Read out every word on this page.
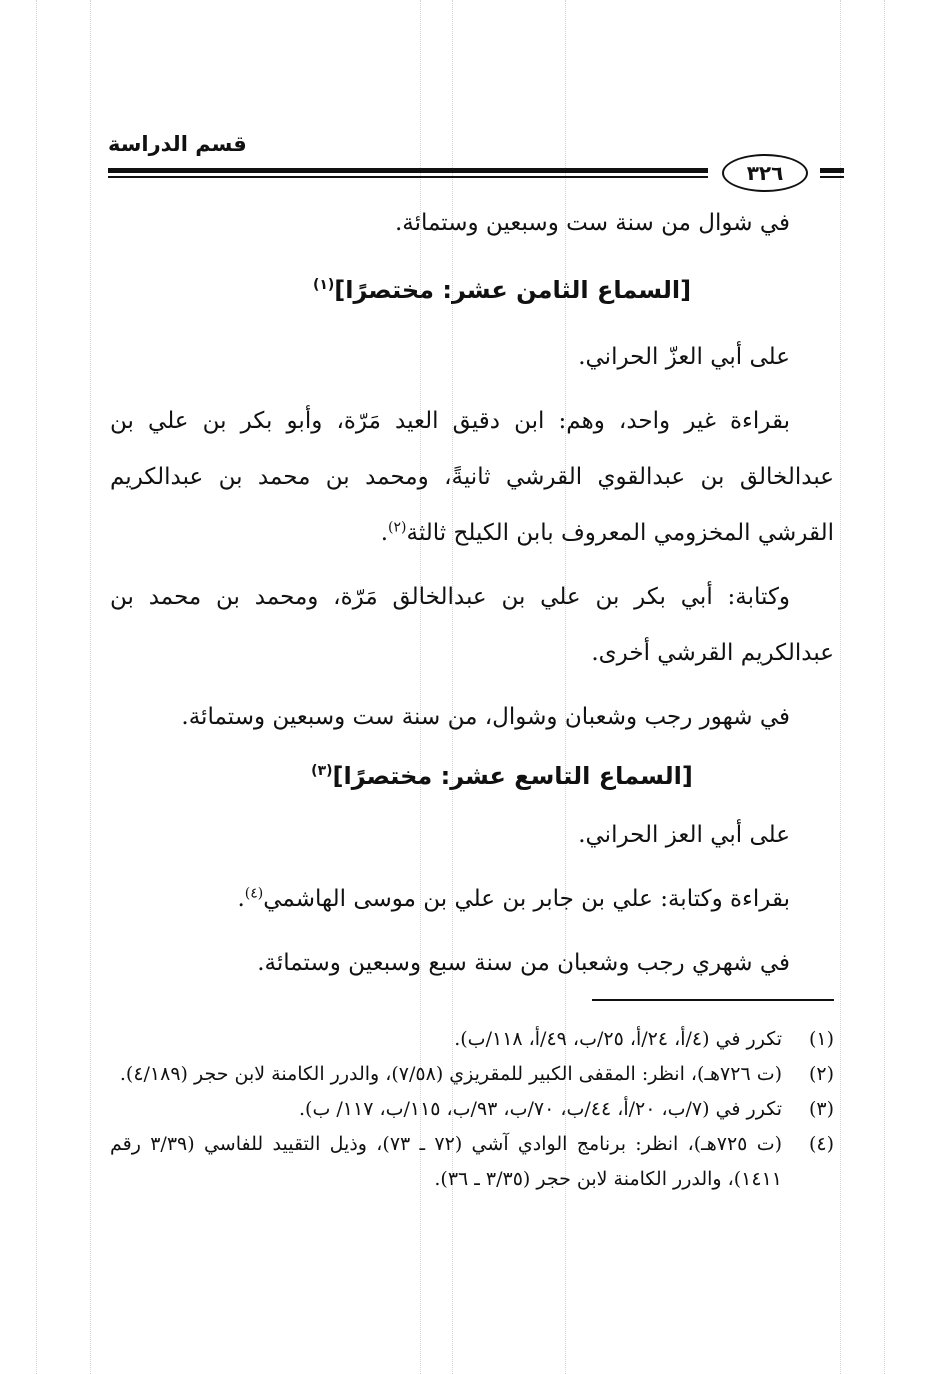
قسم الدراسة
٣٢٦

في شوال من سنة ست وسبعين وستمائة.

[السماع الثامن عشر: مختصرًا]$^{(١)}$

على أبي العزّ الحراني.

بقراءة غير واحد، وهم: ابن دقيق العيد مَرّة، وأبو بكر بن علي بن عبدالخالق بن عبدالقوي القرشي ثانيةً، ومحمد بن محمد بن عبدالكريم القرشي المخزومي المعروف بابن الكيلح ثالثة$^{(٢)}$.

وكتابة: أبي بكر بن علي بن عبدالخالق مَرّة، ومحمد بن محمد بن عبدالكريم القرشي أخرى.

في شهور رجب وشعبان وشوال، من سنة ست وسبعين وستمائة.

[السماع التاسع عشر: مختصرًا]$^{(٣)}$

على أبي العز الحراني.

بقراءة وكتابة: علي بن جابر بن علي بن موسى الهاشمي$^{(٤)}$.

في شهري رجب وشعبان من سنة سبع وسبعين وستمائة.

(١)
تكرر في (٤/أ، ٢٤/أ، ٢٥/ب، ٤٩/أ، ١١٨/ب).
(٢)
(ت ٧٢٦هـ)، انظر: المقفى الكبير للمقريزي (٧/٥٨)، والدرر الكامنة لابن حجر (٤/١٨٩).
(٣)
تكرر في (٧/ب، ٢٠/أ، ٤٤/ب، ٧٠/ب، ٩٣/ب، ١١٥/ب، ١١٧/ ب).
(٤)
(ت ٧٢٥هـ)، انظر: برنامج الوادي آشي (٧٢ ـ ٧٣)، وذيل التقييد للفاسي (٣/٣٩ رقم ١٤١١)، والدرر الكامنة لابن حجر (٣/٣٥ ـ ٣٦).
